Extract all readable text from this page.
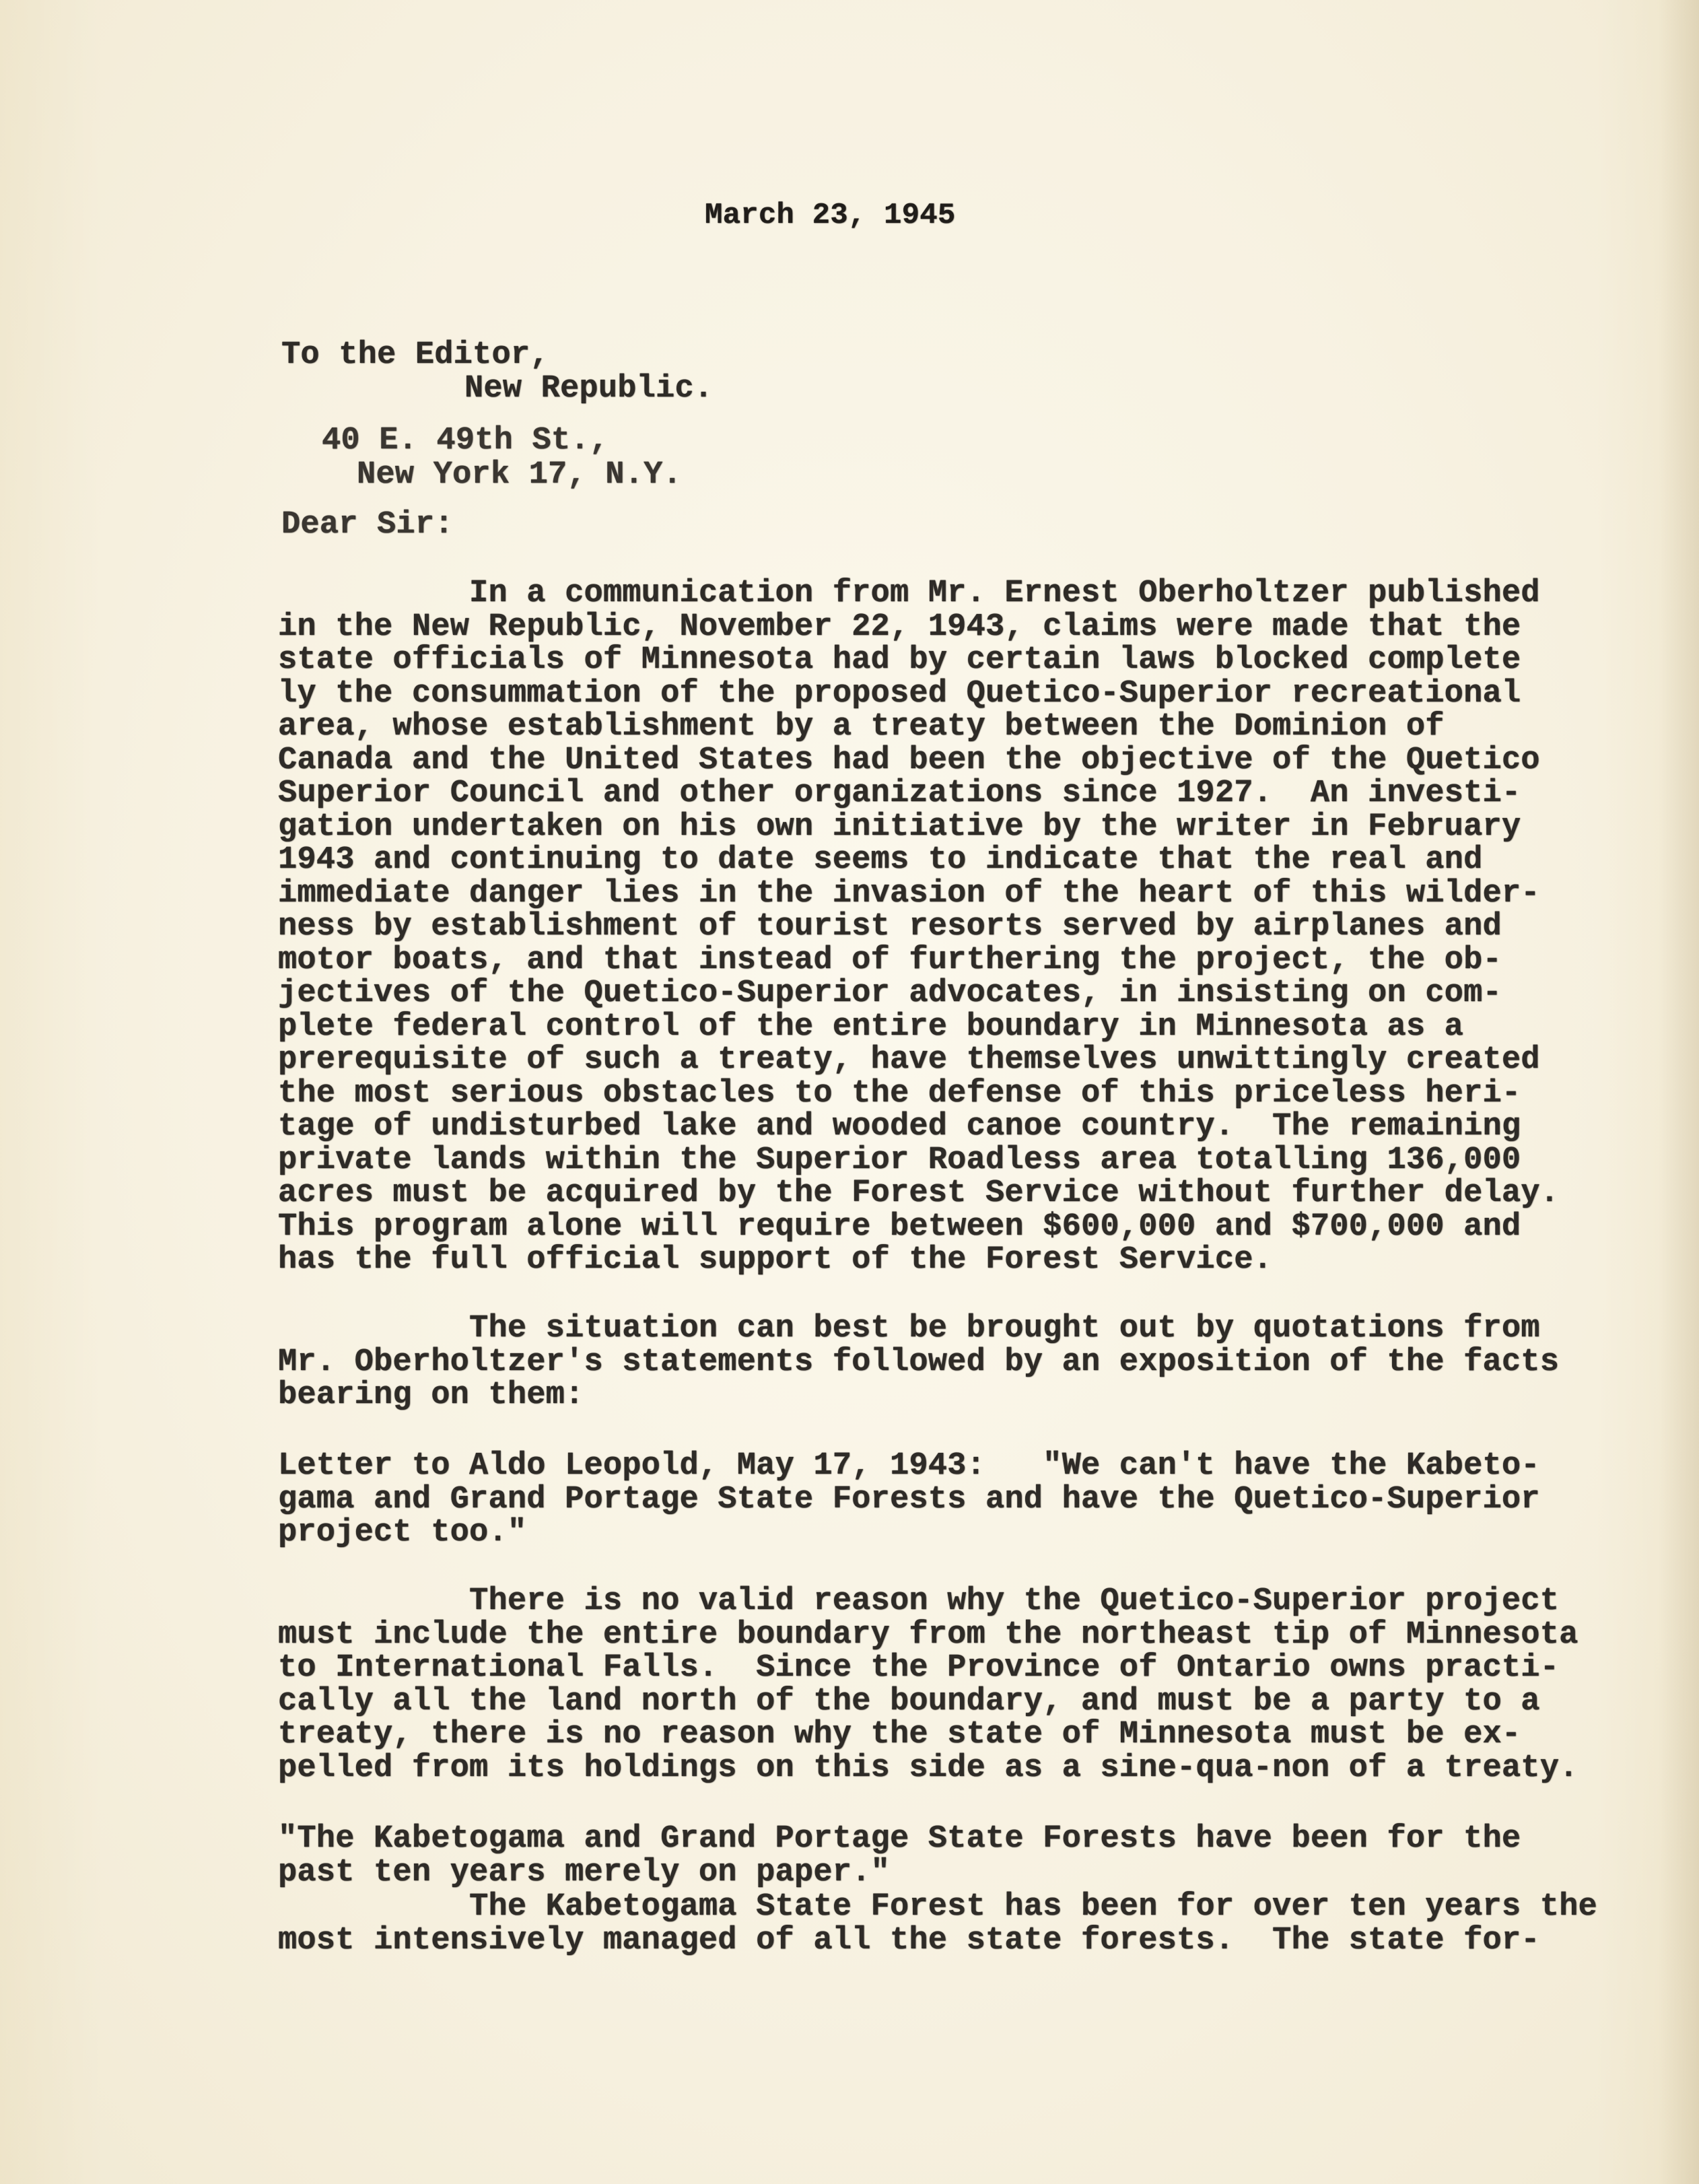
March 23, 1945
To the Editor,
New Republic.
40 E. 49th St.,
New York 17, N.Y.
Dear Sir:
In a communication from Mr. Ernest Oberholtzer published
in the New Republic, November 22, 1943, claims were made that the
state officials of Minnesota had by certain laws blocked complete
ly the consummation of the proposed Quetico-Superior recreational
area, whose establishment by a treaty between the Dominion of
Canada and the United States had been the objective of the Quetico
Superior Council and other organizations since 1927.  An investi-
gation undertaken on his own initiative by the writer in February
1943 and continuing to date seems to indicate that the real and
immediate danger lies in the invasion of the heart of this wilder-
ness by establishment of tourist resorts served by airplanes and
motor boats, and that instead of furthering the project, the ob-
jectives of the Quetico-Superior advocates, in insisting on com-
plete federal control of the entire boundary in Minnesota as a
prerequisite of such a treaty, have themselves unwittingly created
the most serious obstacles to the defense of this priceless heri-
tage of undisturbed lake and wooded canoe country.  The remaining
private lands within the Superior Roadless area totalling 136,000
acres must be acquired by the Forest Service without further delay.
This program alone will require between $600,000 and $700,000 and
has the full official support of the Forest Service.
The situation can best be brought out by quotations from
Mr. Oberholtzer's statements followed by an exposition of the facts
bearing on them:
Letter to Aldo Leopold, May 17, 1943:   "We can't have the Kabeto-
gama and Grand Portage State Forests and have the Quetico-Superior
project too."
There is no valid reason why the Quetico-Superior project
must include the entire boundary from the northeast tip of Minnesota
to International Falls.  Since the Province of Ontario owns practi-
cally all the land north of the boundary, and must be a party to a
treaty, there is no reason why the state of Minnesota must be ex-
pelled from its holdings on this side as a sine-qua-non of a treaty.
"The Kabetogama and Grand Portage State Forests have been for the
past ten years merely on paper."
The Kabetogama State Forest has been for over ten years the
most intensively managed of all the state forests.  The state for-
